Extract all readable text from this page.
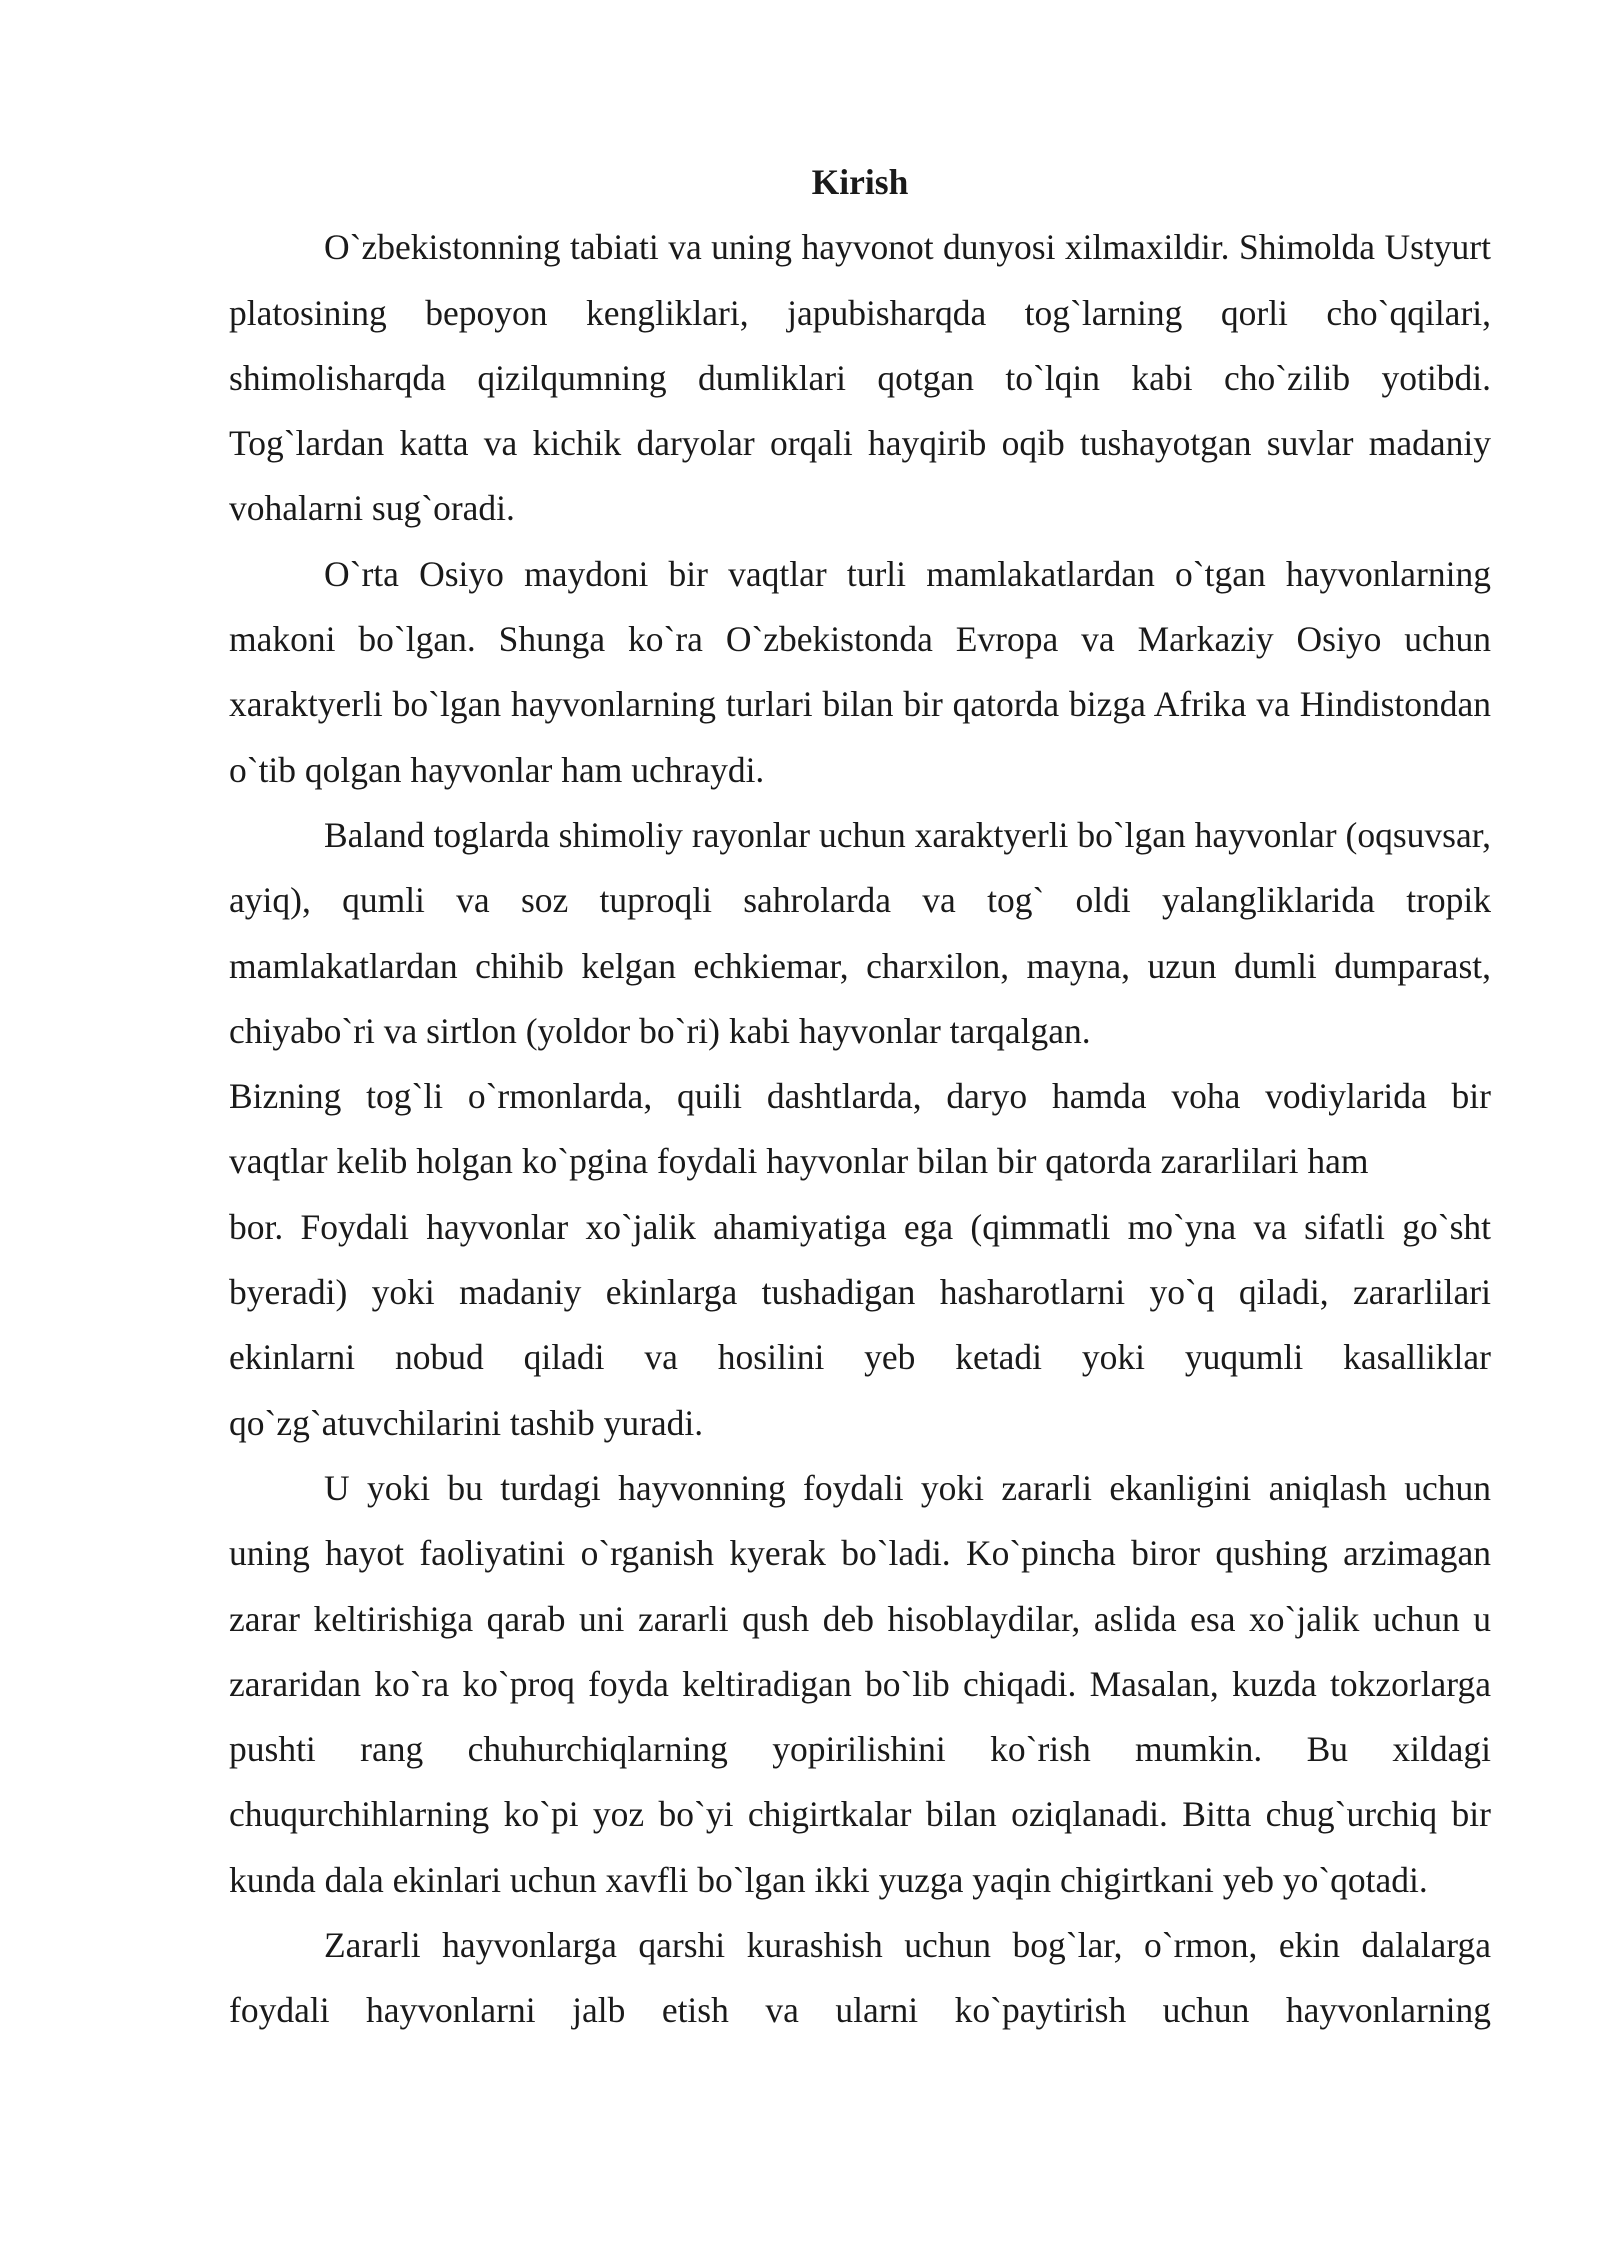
Kirish

O`zbekistonning tabiati va uning hayvonot dunyosi xilmaxildir. Shimolda Ustyurt platosining bepoyon kengliklari, japubisharqda tog`larning qorli cho`qqilari, shimolisharqda qizilqumning dumliklari qotgan to`lqin kabi cho`zilib yotibdi. Tog`lardan katta va kichik daryolar orqali hayqirib oqib tushayotgan suvlar madaniy vohalarni sug`oradi.

O`rta Osiyo maydoni bir vaqtlar turli mamlakatlardan o`tgan hayvonlarning makoni bo`lgan. Shunga ko`ra O`zbekistonda Evropa va Markaziy Osiyo uchun xaraktyerli bo`lgan hayvonlarning turlari bilan bir qatorda bizga Afrika va Hindistondan o`tib qolgan hayvonlar ham uchraydi.

Baland toglarda shimoliy rayonlar uchun xaraktyerli bo`lgan hayvonlar (oqsuvsar, ayiq), qumli va soz tuproqli sahrolarda va tog` oldi yalangliklarida tropik mamlakatlardan chihib kelgan echkiemar, charxilon, mayna, uzun dumli dumparast, chiyabo`ri va sirtlon (yoldor bo`ri) kabi hayvonlar tarqalgan.

Bizning tog`li o`rmonlarda, quili dashtlarda, daryo hamda voha vodiylarida bir

vaqtlar kelib holgan ko`pgina foydali hayvonlar bilan bir qatorda zararlilari ham

bor. Foydali hayvonlar xo`jalik ahamiyatiga ega (qimmatli mo`yna va sifatli go`sht byeradi) yoki madaniy ekinlarga tushadigan hasharotlarni yo`q qiladi, zararlilari ekinlarni nobud qiladi va hosilini yeb ketadi yoki yuqumli kasalliklar qo`zg`atuvchilarini tashib yuradi.

U yoki bu turdagi hayvonning foydali yoki zararli ekanligini aniqlash uchun uning hayot faoliyatini o`rganish kyerak bo`ladi. Ko`pincha biror qushing arzimagan zarar keltirishiga qarab uni zararli qush deb hisoblaydilar, aslida esa xo`jalik uchun u zararidan ko`ra ko`proq foyda keltiradigan bo`lib chiqadi. Masalan, kuzda tokzorlarga pushti rang chuhurchiqlarning yopirilishini ko`rish mumkin. Bu xildagi chuqurchihlarning ko`pi yoz bo`yi chigirtkalar bilan oziqlanadi. Bitta chug`urchiq bir kunda dala ekinlari uchun xavfli bo`lgan ikki yuzga yaqin chigirtkani yeb yo`qotadi.

Zararli hayvonlarga qarshi kurashish uchun bog`lar, o`rmon, ekin dalalarga foydali hayvonlarni jalb etish va ularni ko`paytirish uchun hayvonlarning
